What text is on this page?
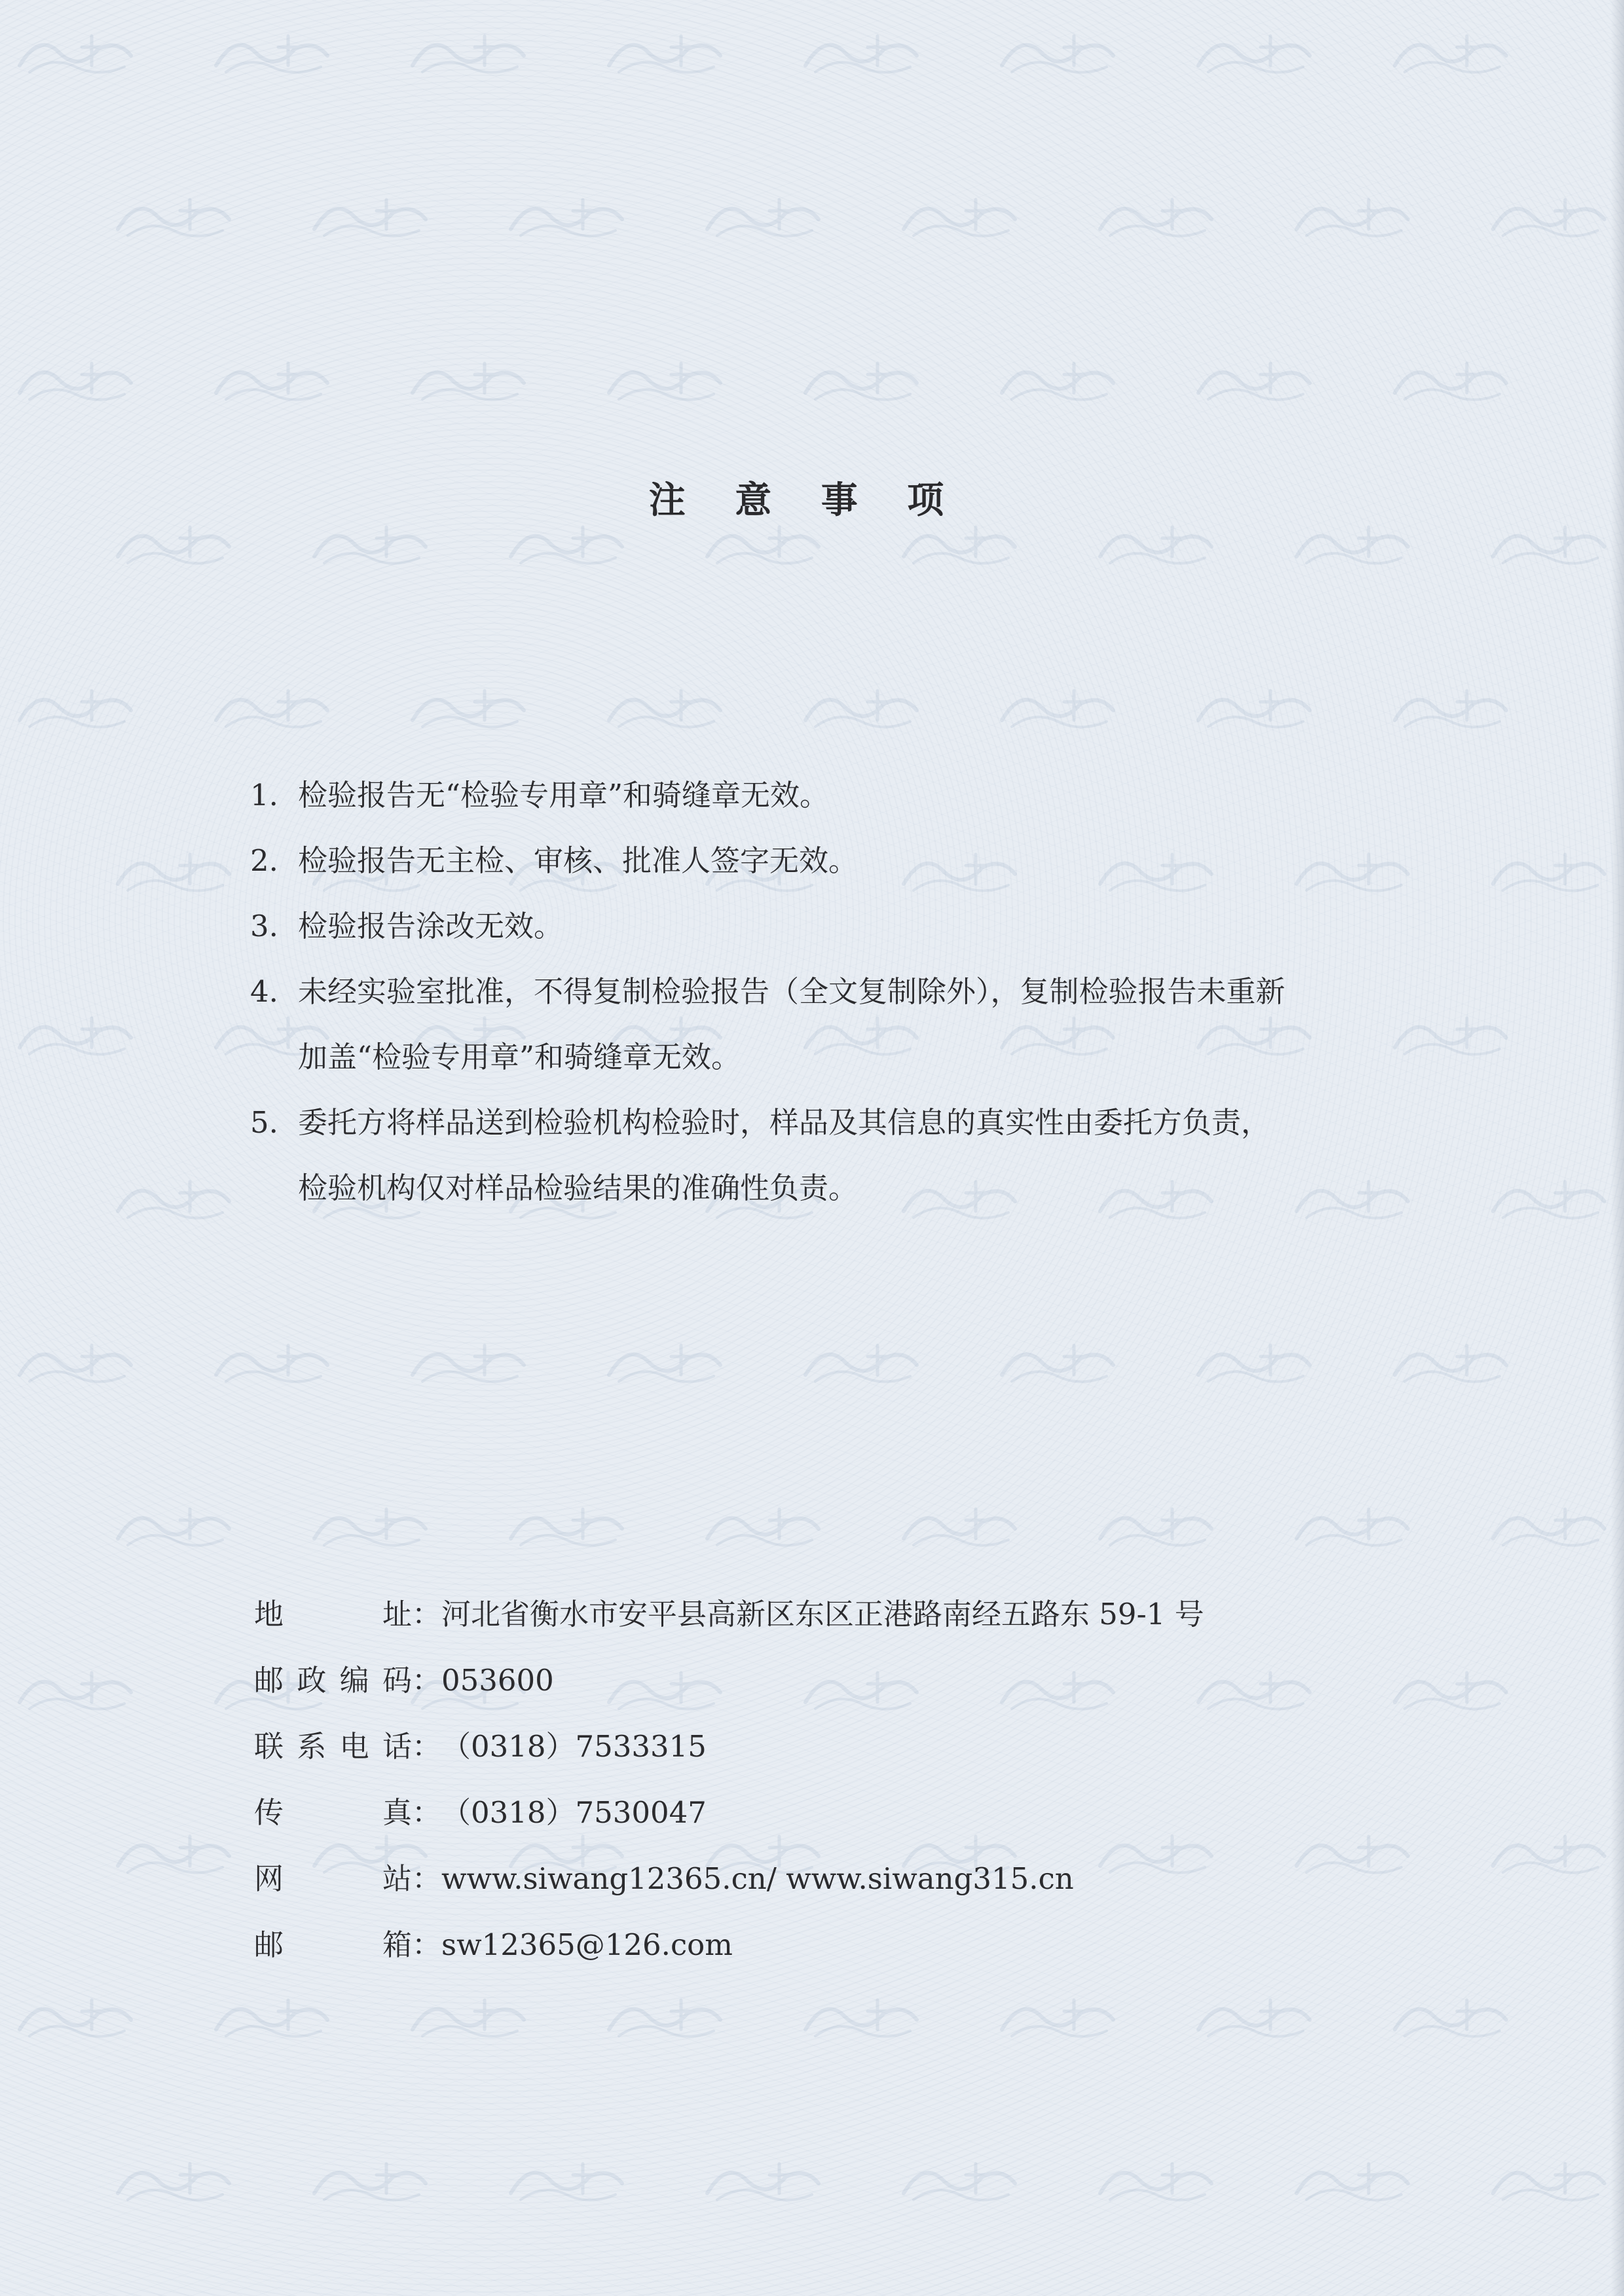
注 意 事 项
1. 检验报告无“检验专用章”和骑缝章无效。
2. 检验报告无主检、审核、批准人签字无效。
3. 检验报告涂改无效。
4. 未经实验室批准，不得复制检验报告（全文复制除外），复制检验报告未重新
加盖“检验专用章”和骑缝章无效。
5. 委托方将样品送到检验机构检验时，样品及其信息的真实性由委托方负责，
检验机构仅对样品检验结果的准确性负责。
地址：河北省衡水市安平县高新区东区正港路南经五路东 59-1 号
邮政编码：053600
联系电话：（0318）7533315
传真：（0318）7530047
网站：www.siwang12365.cn/ www.siwang315.cn
邮箱：sw12365@126.com
